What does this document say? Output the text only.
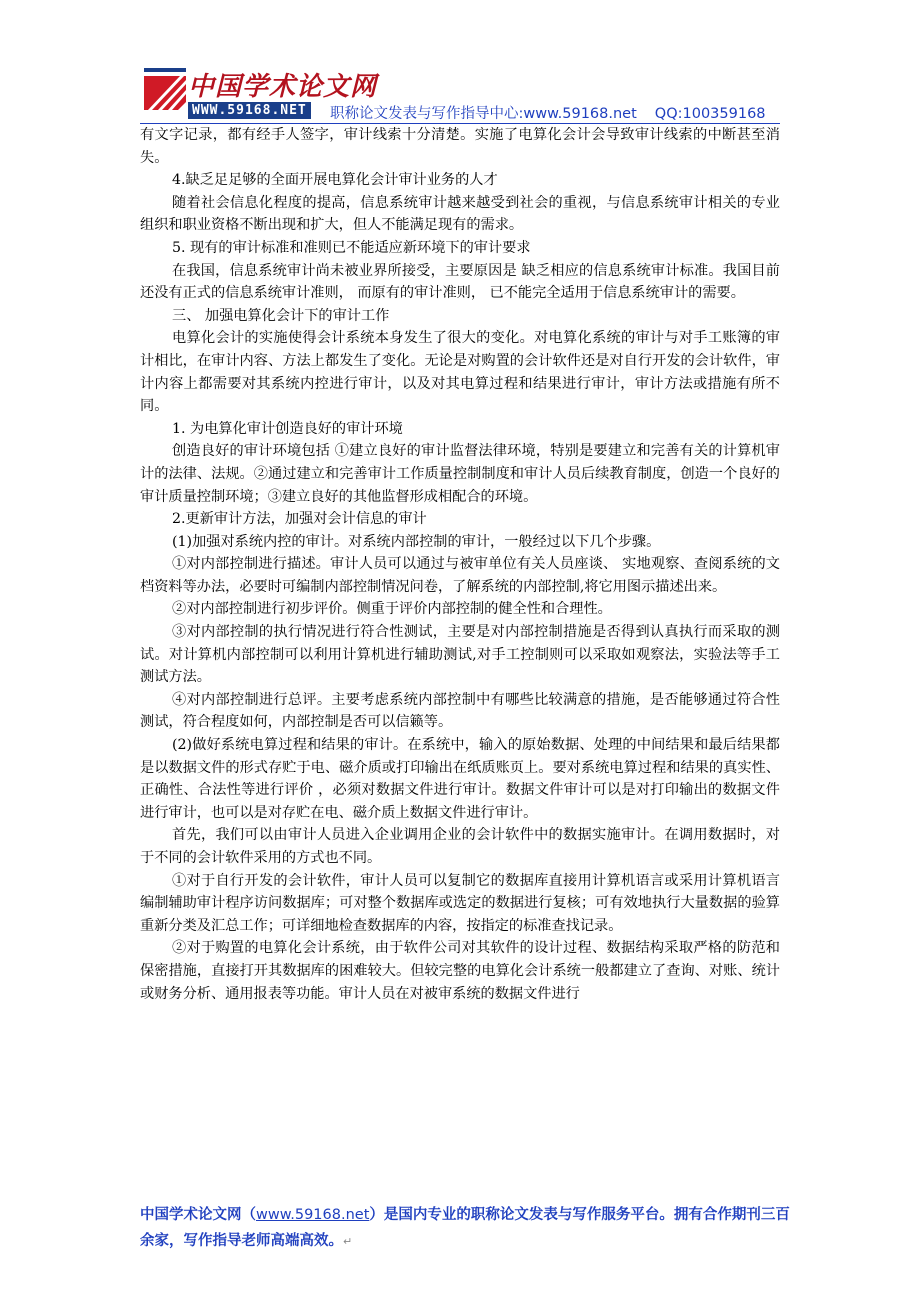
中国学术论文网
WWW.59168.NET 职称论文发表与写作指导中心:www.59168.net QQ:100359168

有文字记录，都有经手人签字，审计线索十分清楚。实施了电算化会计会导致审计线索的中断甚至消失。

4.缺乏足足够的全面开展电算化会计审计业务的人才

随着社会信息化程度的提高，信息系统审计越来越受到社会的重视，与信息系统审计相关的专业组织和职业资格不断出现和扩大，但人不能满足现有的需求。

5. 现有的审计标准和准则已不能适应新环境下的审计要求

在我国，信息系统审计尚未被业界所接受，主要原因是 缺乏相应的信息系统审计标准。我国目前还没有正式的信息系统审计准则， 而原有的审计准则， 已不能完全适用于信息系统审计的需要。

三、 加强电算化会计下的审计工作

电算化会计的实施使得会计系统本身发生了很大的变化。对电算化系统的审计与对手工账簿的审计相比，在审计内容、方法上都发生了变化。无论是对购置的会计软件还是对自行开发的会计软件，审计内容上都需要对其系统内控进行审计，以及对其电算过程和结果进行审计，审计方法或措施有所不同。

1. 为电算化审计创造良好的审计环境

创造良好的审计环境包括 ①建立良好的审计监督法律环境，特别是要建立和完善有关的计算机审计的法律、法规。②通过建立和完善审计工作质量控制制度和审计人员后续教育制度，创造一个良好的审计质量控制环境；③建立良好的其他监督形成相配合的环境。

2.更新审计方法，加强对会计信息的审计

(1)加强对系统内控的审计。对系统内部控制的审计，一般经过以下几个步骤。

①对内部控制进行描述。审计人员可以通过与被审单位有关人员座谈、 实地观察、查阅系统的文档资料等办法，必要时可编制内部控制情况问卷，了解系统的内部控制,将它用图示描述出来。

②对内部控制进行初步评价。侧重于评价内部控制的健全性和合理性。

③对内部控制的执行情况进行符合性测试，主要是对内部控制措施是否得到认真执行而采取的测试。对计算机内部控制可以利用计算机进行辅助测试,对手工控制则可以采取如观察法，实验法等手工测试方法。

④对内部控制进行总评。主要考虑系统内部控制中有哪些比较满意的措施，是否能够通过符合性测试，符合程度如何，内部控制是否可以信籁等。

(2)做好系统电算过程和结果的审计。在系统中，输入的原始数据、处理的中间结果和最后结果都是以数据文件的形式存贮于电、磁介质或打印输出在纸质账页上。要对系统电算过程和结果的真实性、正确性、合法性等进行评价 ，必须对数据文件进行审计。数据文件审计可以是对打印输出的数据文件进行审计，也可以是对存贮在电、磁介质上数据文件进行审计。

首先，我们可以由审计人员进入企业调用企业的会计软件中的数据实施审计。在调用数据时，对于不同的会计软件采用的方式也不同。

①对于自行开发的会计软件，审计人员可以复制它的数据库直接用计算机语言或采用计算机语言编制辅助审计程序访问数据库；可对整个数据库或选定的数据进行复核；可有效地执行大量数据的验算重新分类及汇总工作；可详细地检查数据库的内容，按指定的标准查找记录。

②对于购置的电算化会计系统，由于软件公司对其软件的设计过程、数据结构采取严格的防范和保密措施，直接打开其数据库的困难较大。但较完整的电算化会计系统一般都建立了查询、对账、统计或财务分析、通用报表等功能。审计人员在对被审系统的数据文件进行

中国学术论文网（www.59168.net）是国内专业的职称论文发表与写作服务平台。拥有合作期刊三百余家，写作指导老师高端高效。↵
